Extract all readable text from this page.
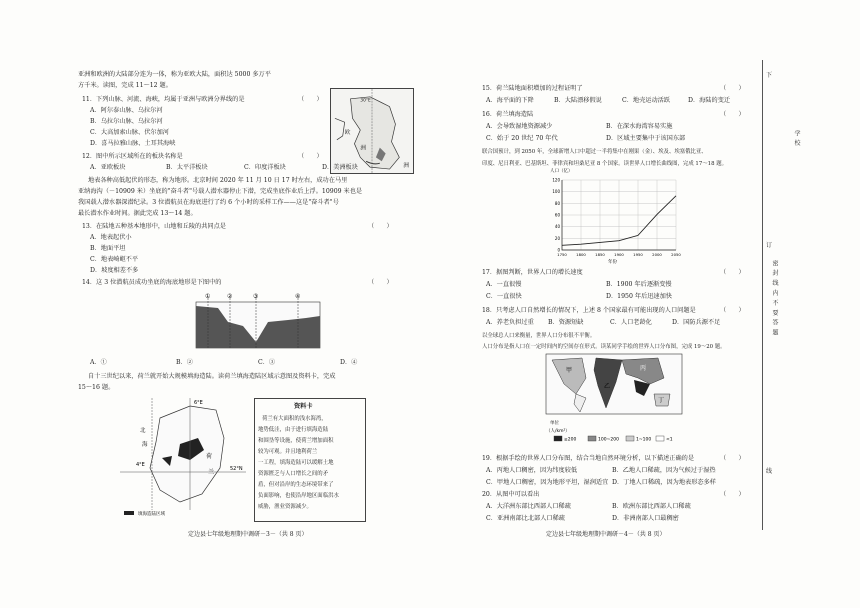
亚洲和欧洲的大陆部分连为一体，称为亚欧大陆，面积达 5000 多万平
方千米。读图，完成 11～12 题。
30°E
欧
洲
洲
11．下列山脉、河流、海峡，均属于亚洲与欧洲分界线的是	（　　）
A．阿尔泰山脉、乌拉尔河
B．乌拉尔山脉、乌拉尔河
C．大高加索山脉、伏尔加河
D．喜马拉雅山脉、土耳其海峡
12．图中所示区域所在的板块名称是	（　　）
A．亚欧板块	B．太平洋板块	C．印度洋板块	D．美洲板块
地表各种高低起伏的形态，称为地形。北京时间 2020 年 11 月 10 日 17 时左右，成功在马里
亚纳海沟（－10909 米）坐底的"奋斗者"号载人潜水器停止下潜，完成坐底作业后上浮。10909 米也是
我国载人潜水器深潜纪录。3 位潜航员在海底进行了约 6 个小时的采样工作——这是"奋斗者"号
最长潜水作业时间。据此完成 13～14 题。
13．在陆地五种基本地形中，山地和丘陵的共同点是	（　　）
A．地表起伏小
B．地面平坦
C．地表崎岖不平
D．坡度相差不多
14．这 3 位潜航员成功坐底的海底地形是下图中的	（　　）
①	②	③	④
A．①	B．②	C．③	D．④
自十三世纪以来，荷兰就开始大规模填海造陆。读荷兰填海造陆区域示意图及资料卡，完成
15～16 题。
6°E
4°E
52°N
北
海
荷
兰
填海造陆区域
资料卡
荷兰有大面积的浅水海湾，
地势低洼，由于进行填海造陆
和围垦等设施，使荷兰增加面积
较为可观。并且地利荷兰
一工程，填海造陆可以缓解土地
资源匮乏与人口增长之间的矛
盾，但对沿岸的生态环境带来了
负面影响，也使沿岸地区面临洪水
威胁，渔业资源减少。
定边县七年级地理期中调研－3－（共 8 页）
15．荷兰陆地面积增加的过程证明了	（　　）
A．海平面的下降	B．大陆漂移假说	C．地壳运动活跃	D．海陆的变迁
16．荷兰填海造陆	（　　）
A．会导致湿地资源减少	B．在深水海湾容易实施
C．始于 20 世纪 70 年代	D．区域主要集中于该国东部
联合国预计，到 2050 年，全球新增人口中超过一半将集中在刚果（金）、埃及、埃塞俄比亚、
印度、尼日利亚、巴基斯坦、菲律宾和坦桑尼亚 8 个国家。读世界人口增长曲线图，完成 17～18 题。
1750 1800 1850 1900 1950 2000 2050
0
20
40
60
80
100
120
人口（亿）
年份
17．据图判断，世界人口的增长速度	（　　）
A．一直很慢	B．1900 年后逐渐变慢
C．一直很快	D．1950 年后迅速加快
18．只考虑人口自然增长的情况下，上述 8 个国家最有可能出现的人口问题是	（　　）
A．养老负担过重 B．资源短缺	C．人口老龄化	D．国防兵源不足
以全球总人口来衡量，世界人口分布很不平衡。
人口分布是指人口在一定时间内的空间存在形式。读某同学手绘的世界人口分布图，完成 19～20 题。
甲
乙
丙
丁
单位
（人/km²）
≥200	100~200	1~100	<1
19．根据手绘的世界人口分布图，结合当地自然环境分析，以下描述正确的是	（　　）
A．丙地人口稠密，因为纬度较低	B．乙地人口稀疏，因为气候过于湿热
C．甲地人口稠密，因为地形平坦，湿润适宜 D．丁地人口稀疏，因为地表形态多样
20．从图中可以看出	（　　）
A．大洋洲东部比西部人口稀疏	B．欧洲东部比西部人口稀疏
C．亚洲南部比北部人口稀疏	D．非洲南部人口最稠密
定边县七年级地理期中调研－4－（共 8 页）
下
订
线
密 封 线 内 不 要 答 题
学 校
